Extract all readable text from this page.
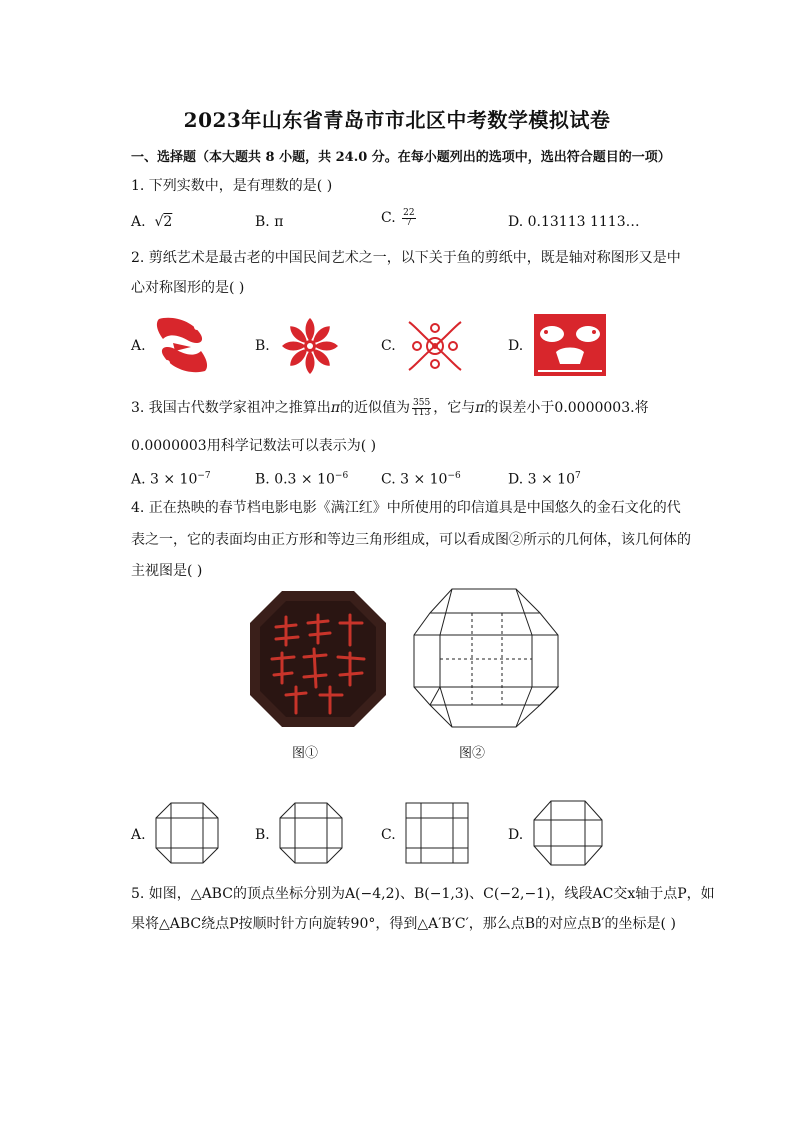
2023年山东省青岛市市北区中考数学模拟试卷
一、选择题（本大题共 8 小题，共 24.0 分。在每小题列出的选项中，选出符合题目的一项）
1. 下列实数中，是有理数的是( )
A. √2	B. π	C. $\frac{22}{7}$	D. 0.13113 1113…
2. 剪纸艺术是最古老的中国民间艺术之一，以下关于鱼的剪纸中，既是轴对称图形又是中
心对称图形的是( )
A.	B.	C.	D.
3. 我国古代数学家祖冲之推算出π的近似值为 $\frac{355}{113}$ ，它与π的误差小于0.0000003.将
0.0000003用科学记数法可以表示为( )
A. $3 \times 10^{-7}$	B. $0.3 \times 10^{-6}$ C. $3 \times 10^{-6}$	D. $3 \times 10^7$
4. 正在热映的春节档电影电影《满江红》中所使用的印信道具是中国悠久的金石文化的代
表之一，它的表面均由正方形和等边三角形组成，可以看成图②所示的几何体，该几何体的
主视图是( )
图①	图②
A.	B.	C.	D.
5. 如图，△ABC的顶点坐标分别为A(−4,2)、B(−1,3)、C(−2,−1)，线段AC交x轴于点P，如
果将△ABC绕点P按顺时针方向旋转90°，得到△A′B′C′，那么点B的对应点B′的坐标是( )
